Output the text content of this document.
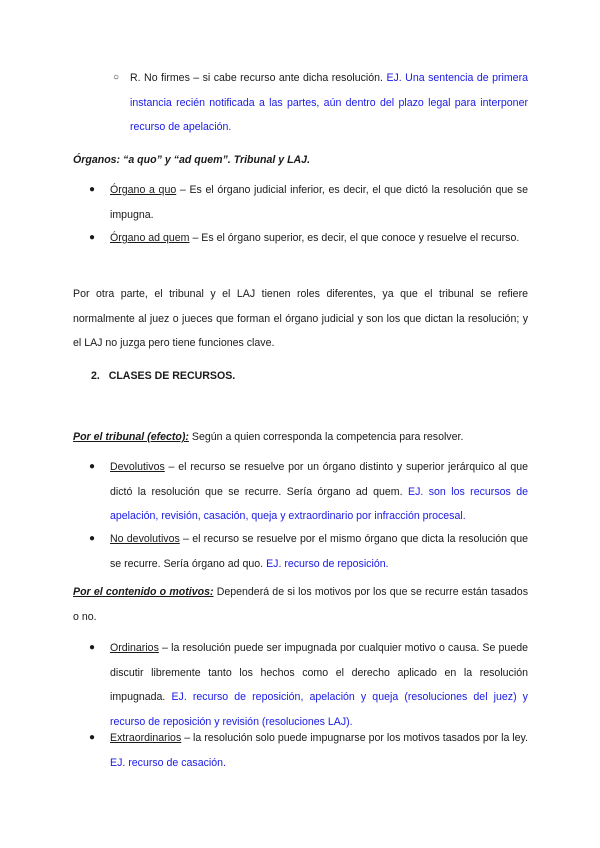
○ R. No firmes – si cabe recurso ante dicha resolución. EJ. Una sentencia de primera instancia recién notificada a las partes, aún dentro del plazo legal para interponer recurso de apelación.

Órganos: “a quo” y “ad quem”. Tribunal y LAJ.

● Órgano a quo – Es el órgano judicial inferior, es decir, el que dictó la resolución que se impugna.

● Órgano ad quem – Es el órgano superior, es decir, el que conoce y resuelve el recurso.

Por otra parte, el tribunal y el LAJ tienen roles diferentes, ya que el tribunal se refiere normalmente al juez o jueces que forman el órgano judicial y son los que dictan la resolución; y el LAJ no juzga pero tiene funciones clave.

2. CLASES DE RECURSOS.

Por el tribunal (efecto): Según a quien corresponda la competencia para resolver.

● Devolutivos – el recurso se resuelve por un órgano distinto y superior jerárquico al que dictó la resolución que se recurre. Sería órgano ad quem. EJ. son los recursos de apelación, revisión, casación, queja y extraordinario por infracción procesal.

● No devolutivos – el recurso se resuelve por el mismo órgano que dicta la resolución que se recurre. Sería órgano ad quo. EJ. recurso de reposición.

Por el contenido o motivos: Dependerá de si los motivos por los que se recurre están tasados o no.

● Ordinarios – la resolución puede ser impugnada por cualquier motivo o causa. Se puede discutir libremente tanto los hechos como el derecho aplicado en la resolución impugnada. EJ. recurso de reposición, apelación y queja (resoluciones del juez) y recurso de reposición y revisión (resoluciones LAJ).

● Extraordinarios – la resolución solo puede impugnarse por los motivos tasados por la ley. EJ. recurso de casación.
